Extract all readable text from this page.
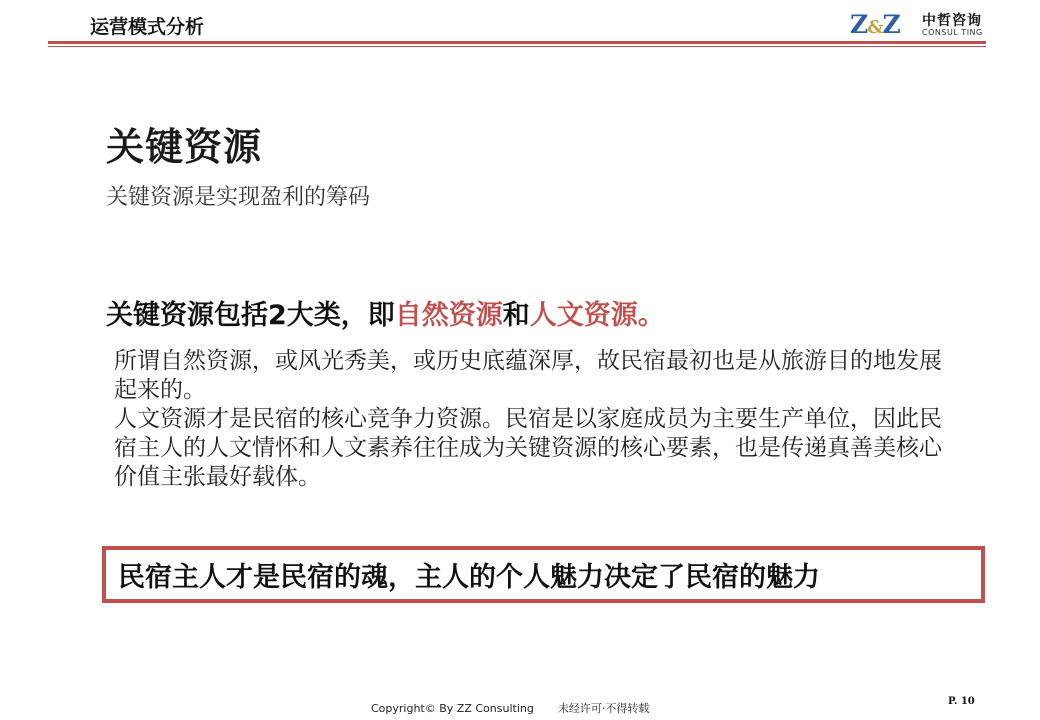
运营模式分析	Z&Z 中哲咨询
CONSUL TING
关键资源
关键资源是实现盈利的筹码
关键资源包括2大类，即自然资源和人文资源。

所谓自然资源，或风光秀美，或历史底蕴深厚，故民宿最初也是从旅游目的地发展起来的。

人文资源才是民宿的核心竞争力资源。民宿是以家庭成员为主要生产单位，因此民宿主人的人文情怀和人文素养往往成为关键资源的核心要素，也是传递真善美核心价值主张最好载体。

民宿主人才是民宿的魂，主人的个人魅力决定了民宿的魅力
Copyright© By ZZ Consulting 未经许可·不得转载
P. 10
